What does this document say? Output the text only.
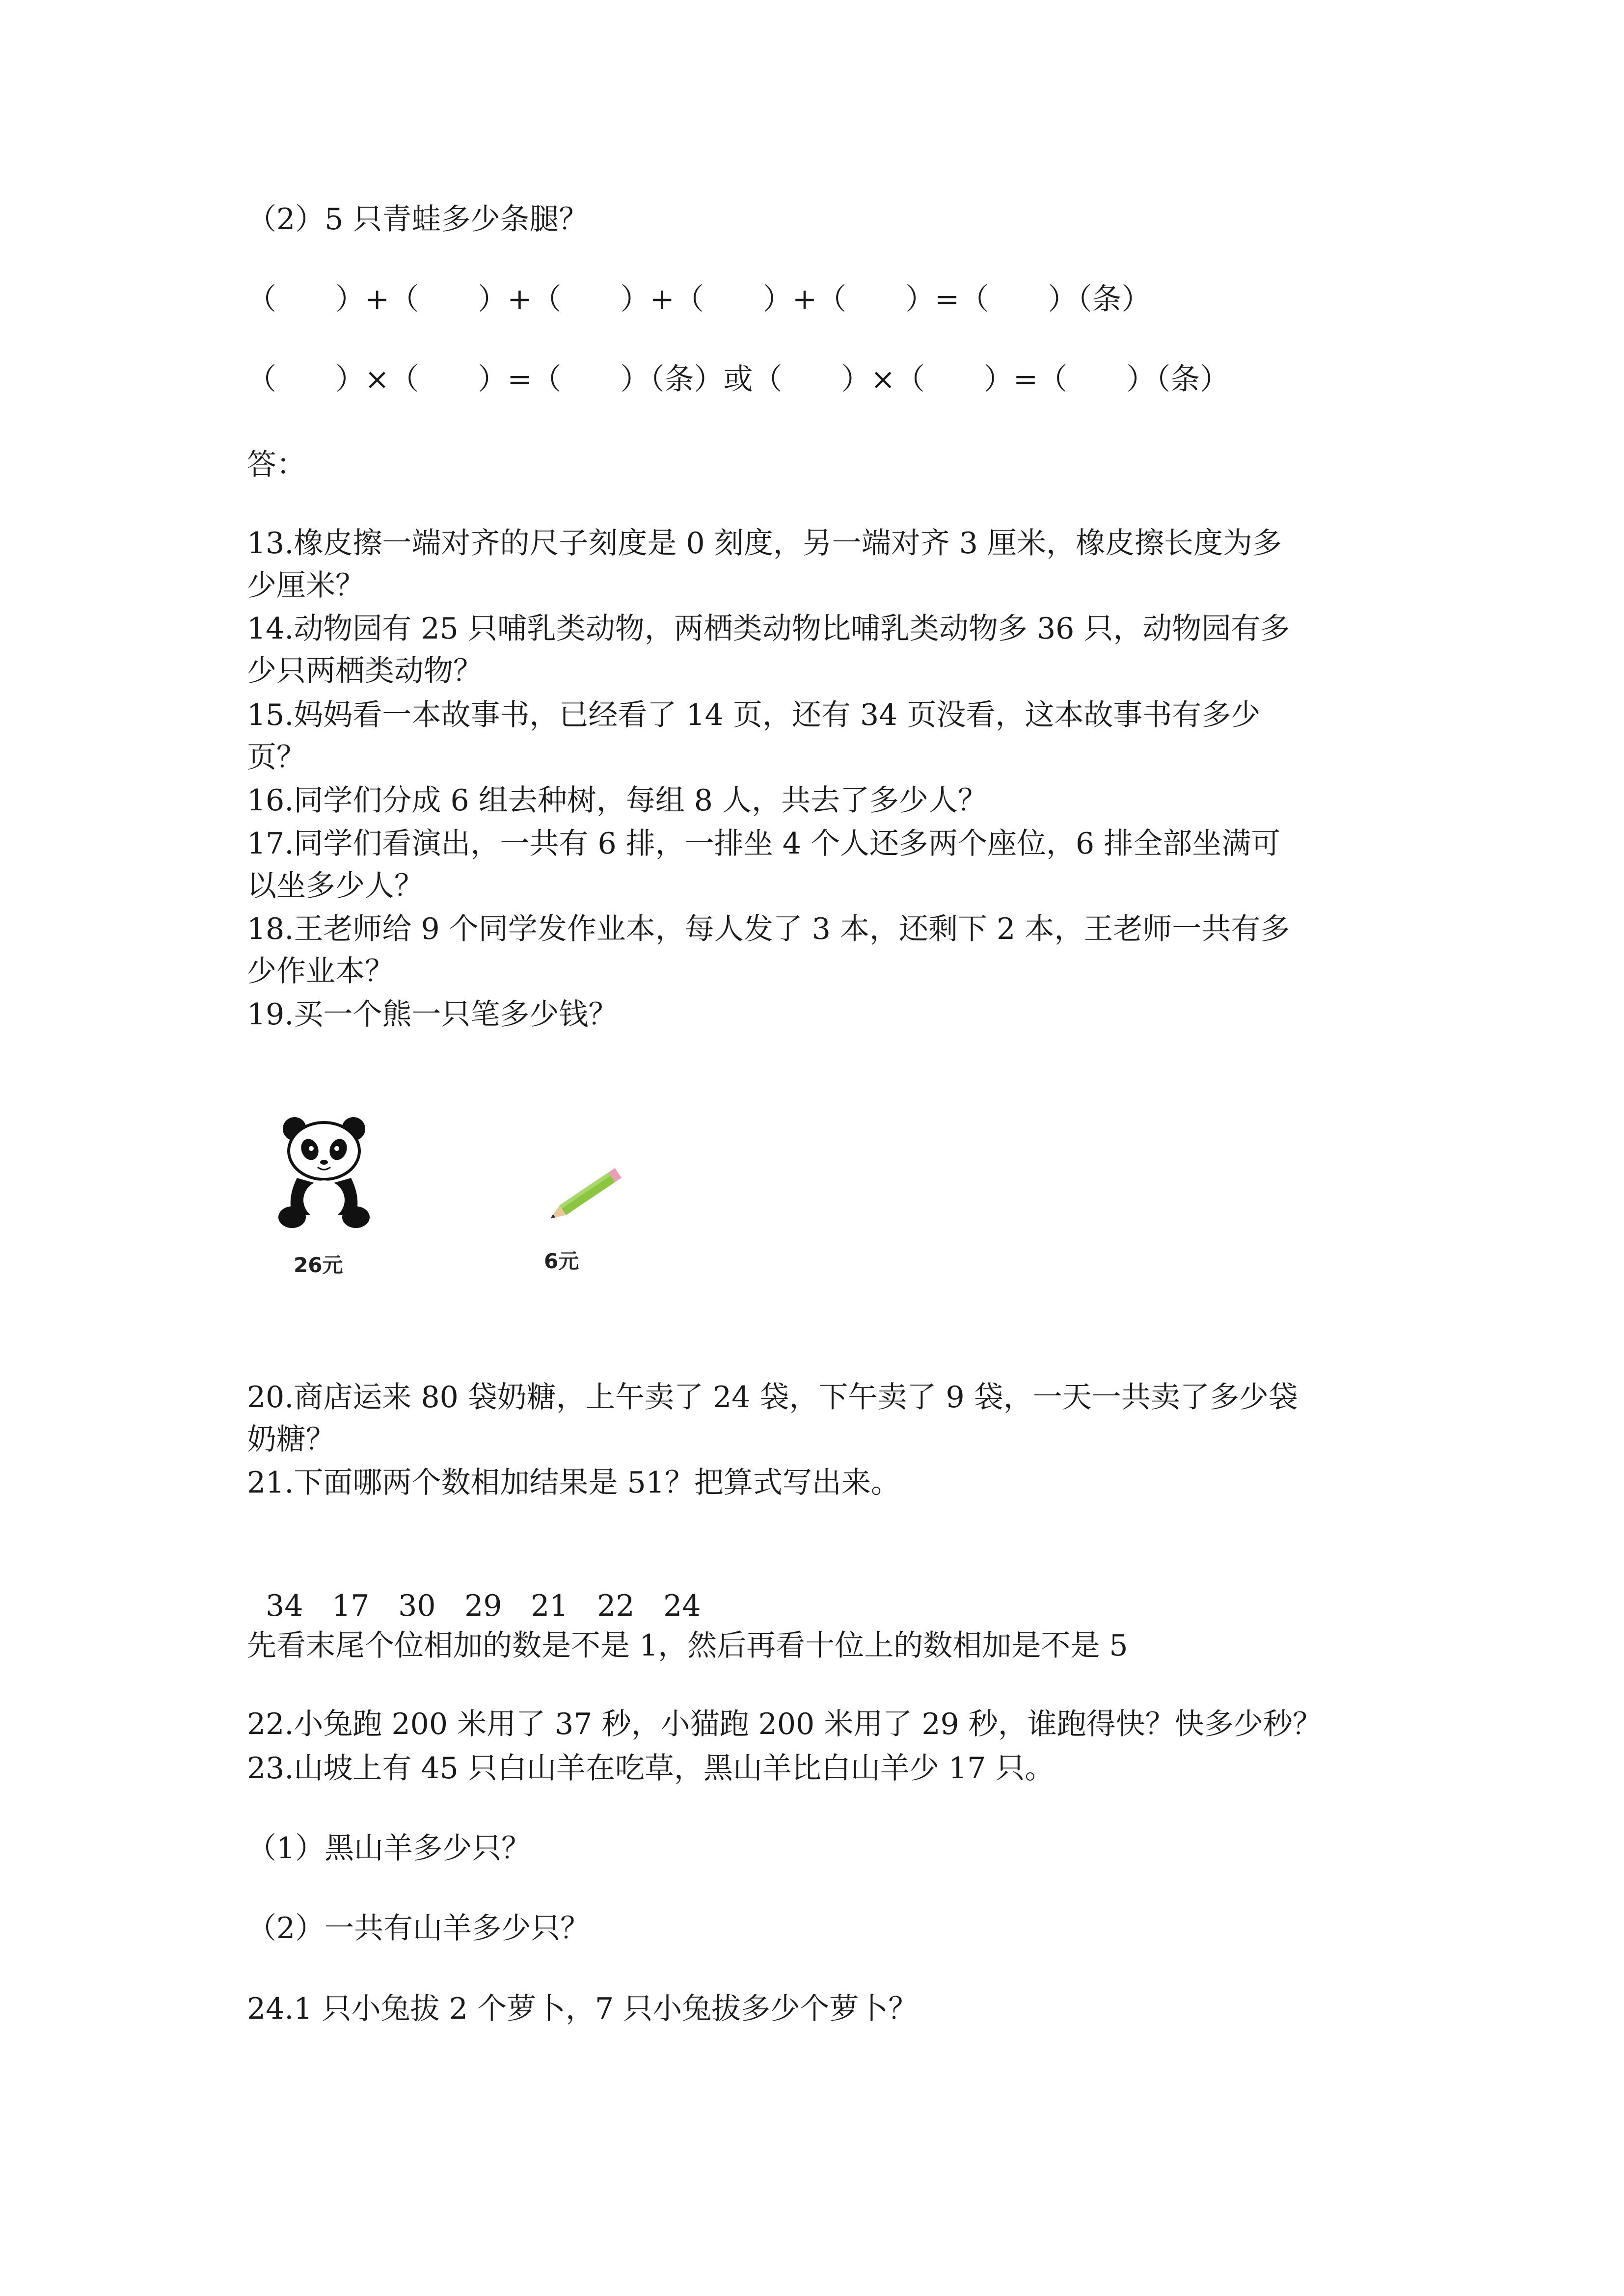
（2）5 只青蛙多少条腿？
（　　）+（　　）+（　　）+（　　）+（　　）=（　　）（条）
（　　）×（　　）=（　　）（条）或（　　）×（　　）=（　　）（条）
答：
13.橡皮擦一端对齐的尺子刻度是 0 刻度，另一端对齐 3 厘米，橡皮擦长度为多
少厘米？
14.动物园有 25 只哺乳类动物，两栖类动物比哺乳类动物多 36 只，动物园有多
少只两栖类动物？
15.妈妈看一本故事书，已经看了 14 页，还有 34 页没看，这本故事书有多少
页？
16.同学们分成 6 组去种树，每组 8 人，共去了多少人？
17.同学们看演出，一共有 6 排，一排坐 4 个人还多两个座位，6 排全部坐满可
以坐多少人？
18.王老师给 9 个同学发作业本，每人发了 3 本，还剩下 2 本，王老师一共有多
少作业本？
19.买一个熊一只笔多少钱？
26元	6元
20.商店运来 80 袋奶糖，上午卖了 24 袋，下午卖了 9 袋，一天一共卖了多少袋
奶糖？
21.下面哪两个数相加结果是 51？把算式写出来。

34 17 30 29 21 22 24

先看末尾个位相加的数是不是 1，然后再看十位上的数相加是不是 5
22.小兔跑 200 米用了 37 秒，小猫跑 200 米用了 29 秒，谁跑得快？快多少秒？
23.山坡上有 45 只白山羊在吃草，黑山羊比白山羊少 17 只。
（1）黑山羊多少只？
（2）一共有山羊多少只？
24.1 只小兔拔 2 个萝卜，7 只小兔拔多少个萝卜？
